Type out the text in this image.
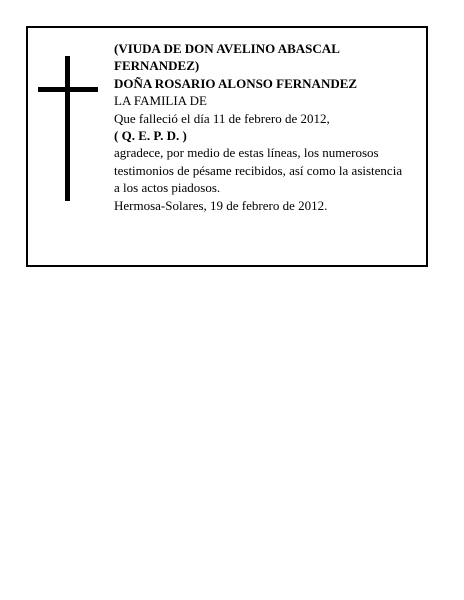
(VIUDA DE DON AVELINO ABASCAL
FERNANDEZ)
DOÑA ROSARIO ALONSO FERNANDEZ
LA FAMILIA DE
Que falleció el día 11 de febrero de 2012,
( Q. E. P. D. )
agradece, por medio de estas líneas, los numerosos
testimonios de pésame recibidos, así como la asistencia
a los actos piadosos.
Hermosa-Solares, 19 de febrero de 2012.
